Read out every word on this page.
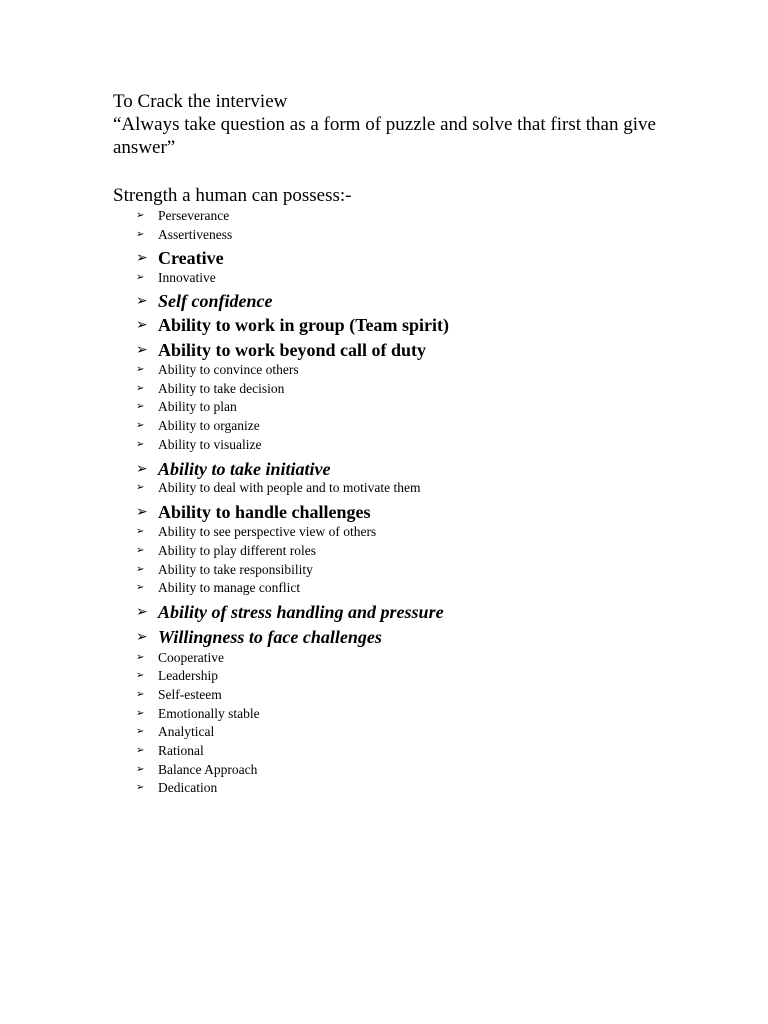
To Crack the interview

“Always take question as a form of puzzle and solve that first than give answer”

Strength a human can possess:-

➢	Perseverance
➢	Assertiveness
➢ Creative
➢	Innovative
➢ Self confidence
➢ Ability to work in group (Team spirit)
➢ Ability to work beyond call of duty
➢	Ability to convince others
➢	Ability to take decision
➢	Ability to plan
➢	Ability to organize
➢	Ability to visualize
➢ Ability to take initiative
➢	Ability to deal with people and to motivate them
➢ Ability to handle challenges
➢	Ability to see perspective view of others
➢	Ability to play different roles
➢	Ability to take responsibility
➢	Ability to manage conflict
➢ Ability of stress handling and pressure
➢ Willingness to face challenges
➢	Cooperative
➢	Leadership
➢	Self-esteem
➢	Emotionally stable
➢	Analytical
➢	Rational
➢	Balance Approach
➢	Dedication
